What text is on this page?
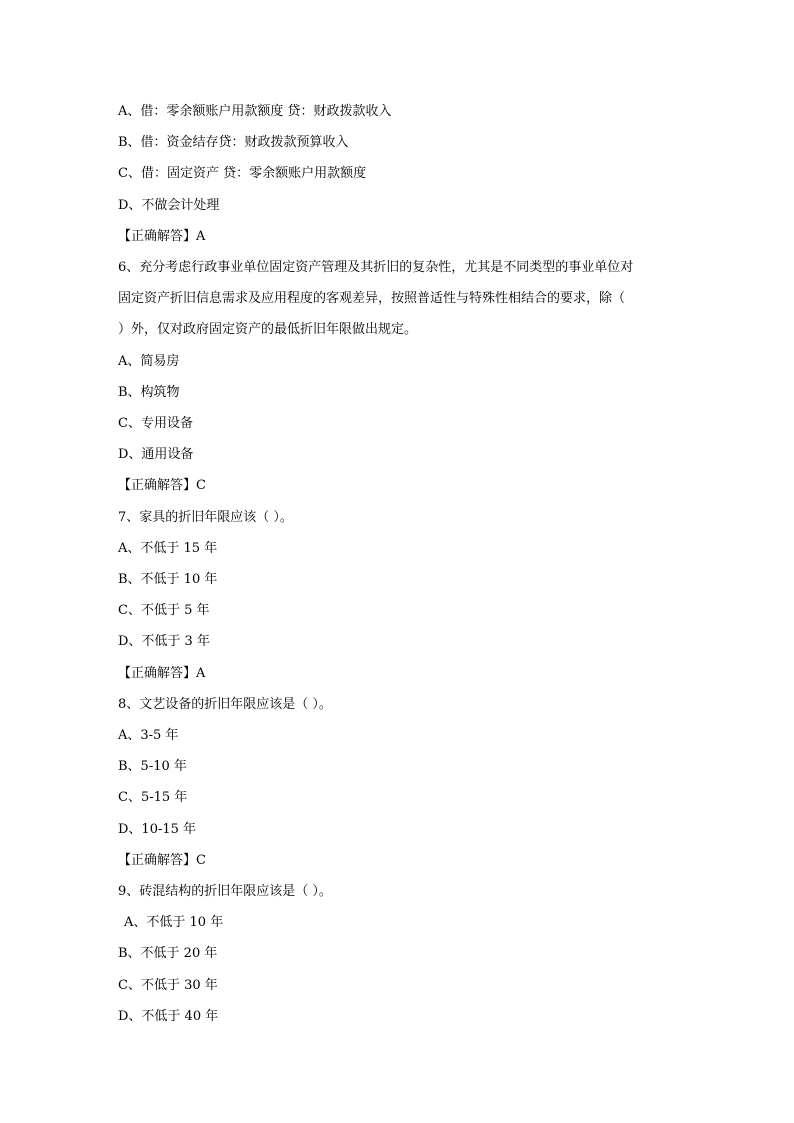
A、借：零余额账户用款额度 贷：财政拨款收入
B、借：资金结存贷：财政拨款预算收入
C、借：固定资产 贷：零余额账户用款额度
D、不做会计处理
【正确解答】A
6、充分考虑行政事业单位固定资产管理及其折旧的复杂性，尤其是不同类型的事业单位对
固定资产折旧信息需求及应用程度的客观差异，按照普适性与特殊性相结合的要求，除（
）外，仅对政府固定资产的最低折旧年限做出规定。
A、简易房
B、构筑物
C、专用设备
D、通用设备
【正确解答】C
7、家具的折旧年限应该（ ）。
A、不低于 15 年
B、不低于 10 年
C、不低于 5 年
D、不低于 3 年
【正确解答】A
8、文艺设备的折旧年限应该是（ ）。
A、3-5 年
B、5-10 年
C、5-15 年
D、10-15 年
【正确解答】C
9、砖混结构的折旧年限应该是（ ）。
A、不低于 10 年
B、不低于 20 年
C、不低于 30 年
D、不低于 40 年
